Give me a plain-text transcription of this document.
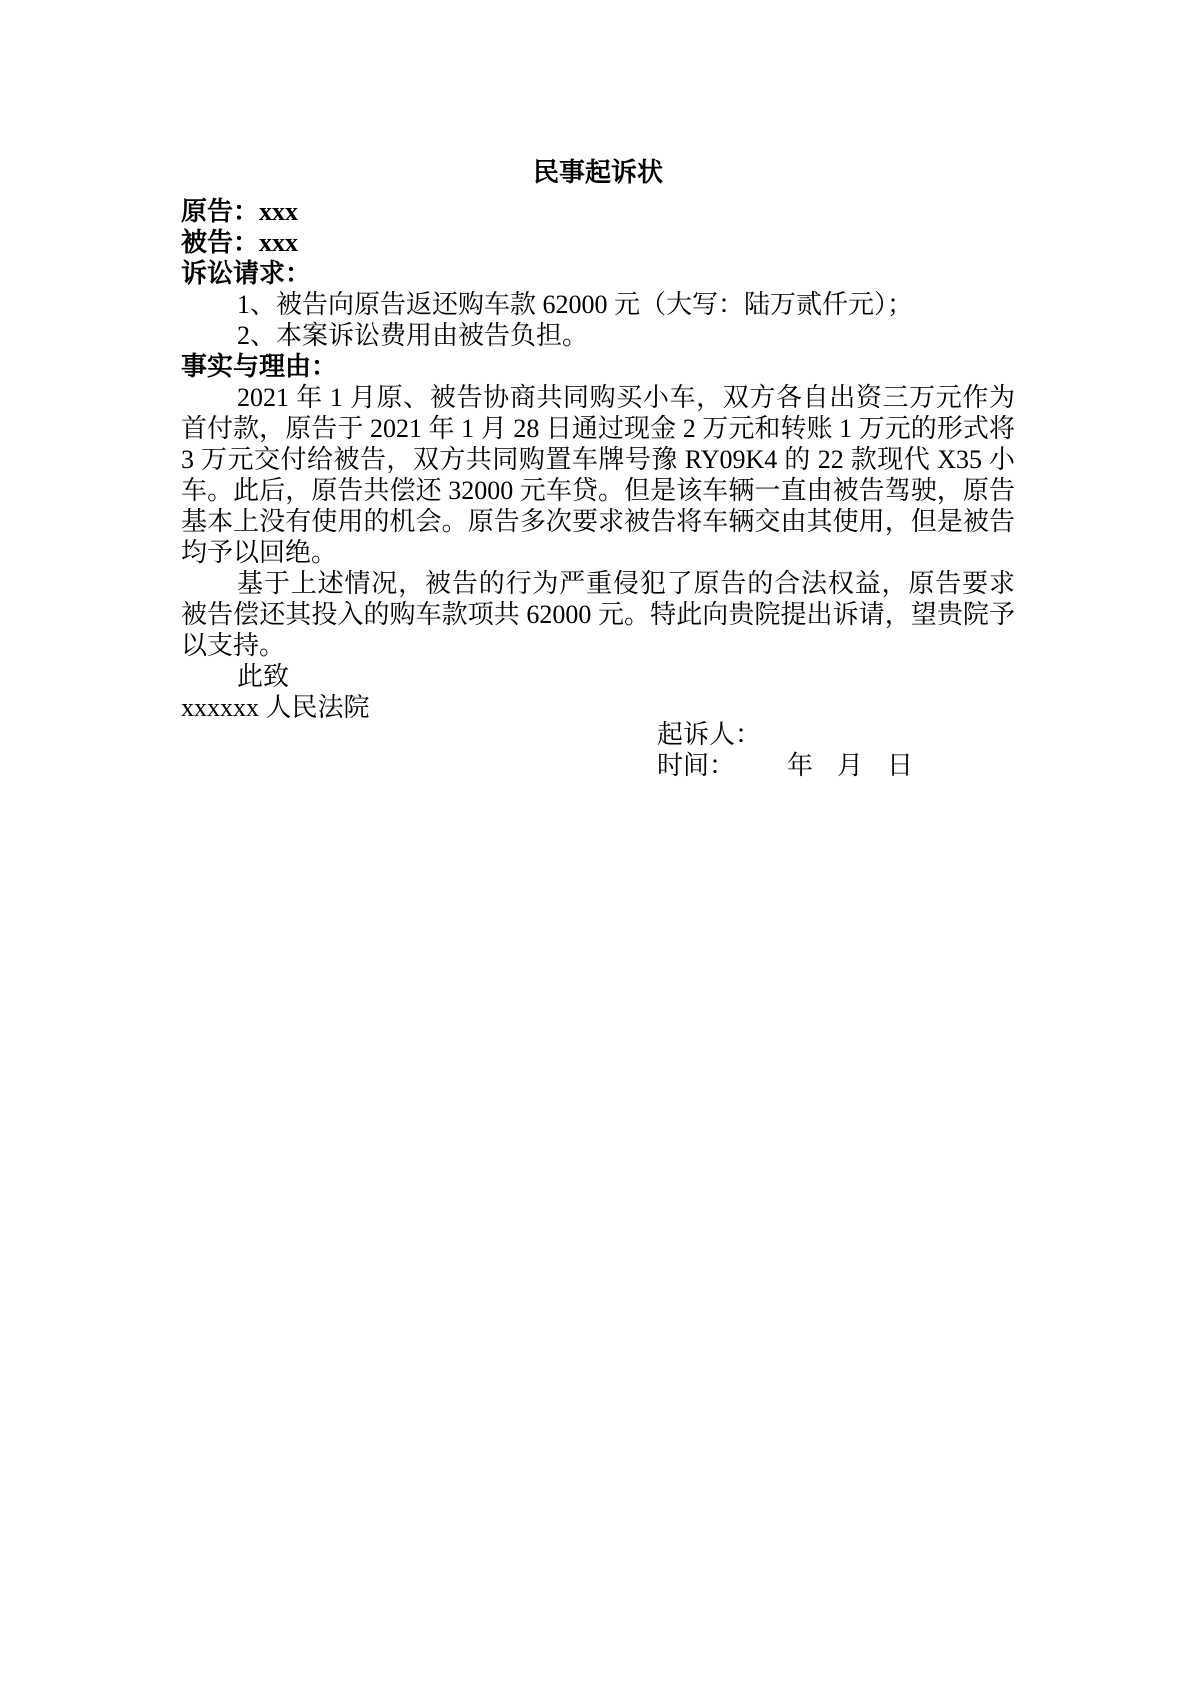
民事起诉状

原告：xxx

被告：xxx

诉讼请求：

1、被告向原告返还购车款 62000 元（大写：陆万贰仟元）；

2、本案诉讼费用由被告负担。

事实与理由：

2021 年 1 月原、被告协商共同购买小车，双方各自出资三万元作为首付款，原告于 2021 年 1 月 28 日通过现金 2 万元和转账 1 万元的形式将 3 万元交付给被告，双方共同购置车牌号豫 RY09K4 的 22 款现代 X35 小车。此后，原告共偿还 32000 元车贷。但是该车辆一直由被告驾驶，原告基本上没有使用的机会。原告多次要求被告将车辆交由其使用，但是被告均予以回绝。

基于上述情况，被告的行为严重侵犯了原告的合法权益，原告要求被告偿还其投入的购车款项共 62000 元。特此向贵院提出诉请，望贵院予以支持。

此致

xxxxxx 人民法院

起诉人：

时间： 年 月 日
